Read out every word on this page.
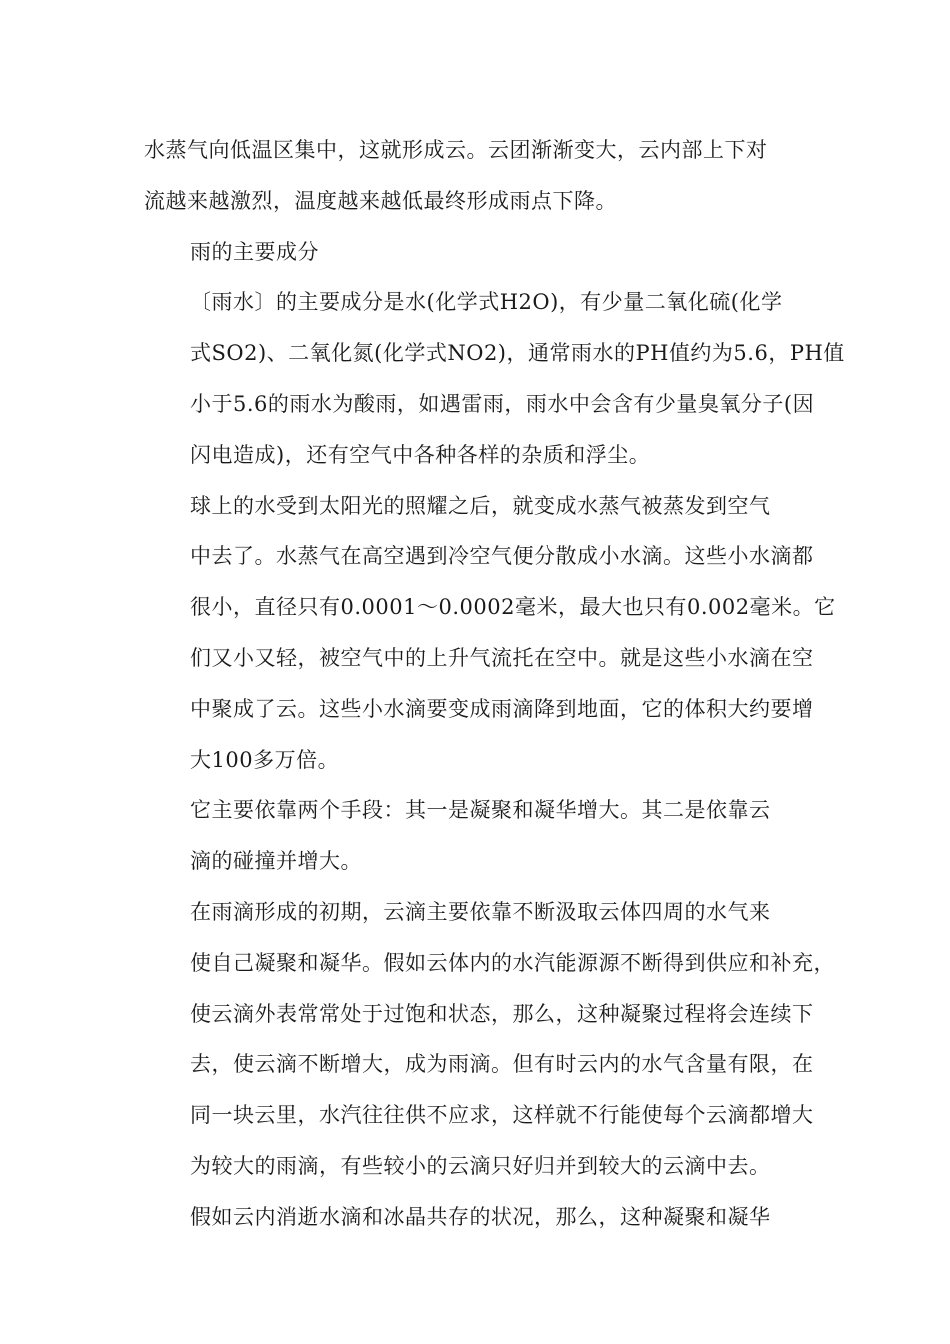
水蒸气向低温区集中，这就形成云。云团渐渐变大，云内部上下对
流越来越激烈，温度越来越低最终形成雨点下降。

雨的主要成分

〔雨水〕的主要成分是水(化学式H2O)，有少量二氧化硫(化学
式SO2)、二氧化氮(化学式NO2)，通常雨水的PH值约为5.6，PH值
小于5.6的雨水为酸雨，如遇雷雨，雨水中会含有少量臭氧分子(因
闪电造成)，还有空气中各种各样的杂质和浮尘。

球上的水受到太阳光的照耀之后，就变成水蒸气被蒸发到空气
中去了。水蒸气在高空遇到冷空气便分散成小水滴。这些小水滴都
很小，直径只有0.0001～0.0002毫米，最大也只有0.002毫米。它
们又小又轻，被空气中的上升气流托在空中。就是这些小水滴在空
中聚成了云。这些小水滴要变成雨滴降到地面，它的体积大约要增
大100多万倍。

它主要依靠两个手段：其一是凝聚和凝华增大。其二是依靠云
滴的碰撞并增大。

在雨滴形成的初期，云滴主要依靠不断汲取云体四周的水气来
使自己凝聚和凝华。假如云体内的水汽能源源不断得到供应和补充，
使云滴外表常常处于过饱和状态，那么，这种凝聚过程将会连续下
去，使云滴不断增大，成为雨滴。但有时云内的水气含量有限，在
同一块云里，水汽往往供不应求，这样就不行能使每个云滴都增大
为较大的雨滴，有些较小的云滴只好归并到较大的云滴中去。

假如云内消逝水滴和冰晶共存的状况，那么，这种凝聚和凝华
